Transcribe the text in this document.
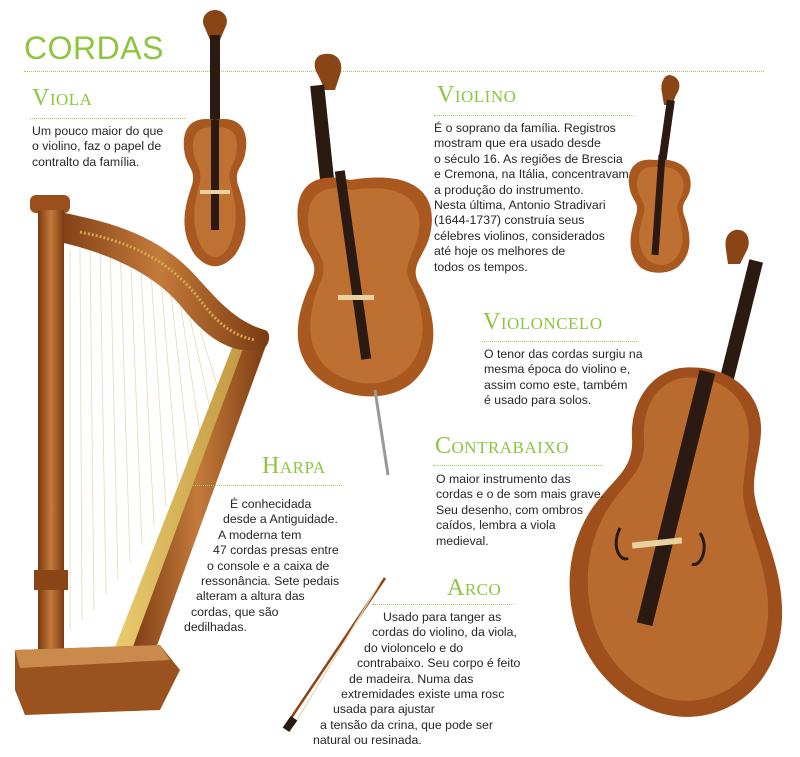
CORDAS
Viola
Um pouco maior do que
o violino, faz o papel de
contralto da família.
Violino
É o soprano da família. Registros
mostram que era usado desde
o século 16. As regiões de Brescia
e Cremona, na Itália, concentravam
a produção do instrumento.
Nesta última, Antonio Stradivari
(1644-1737) construía seus
célebres violinos, considerados
até hoje os melhores de
todos os tempos.
Violoncelo
O tenor das cordas surgiu na
mesma época do violino e,
assim como este, também
é usado para solos.
Contrabaixo
O maior instrumento das
cordas e o de som mais grave.
Seu desenho, com ombros
caídos, lembra a viola
medieval.
Harpa
É conhecidada
desde a Antiguidade.
A moderna tem
47 cordas presas entre
o console e a caixa de
ressonância. Sete pedais
alteram a altura das
cordas, que são
dedilhadas.
Arco
Usado para tanger as
cordas do violino, da viola,
do violoncelo e do
contrabaixo. Seu corpo é feito
de madeira. Numa das
extremidades existe uma rosc
usada para ajustar
a tensão da crina, que pode ser
natural ou resinada.
